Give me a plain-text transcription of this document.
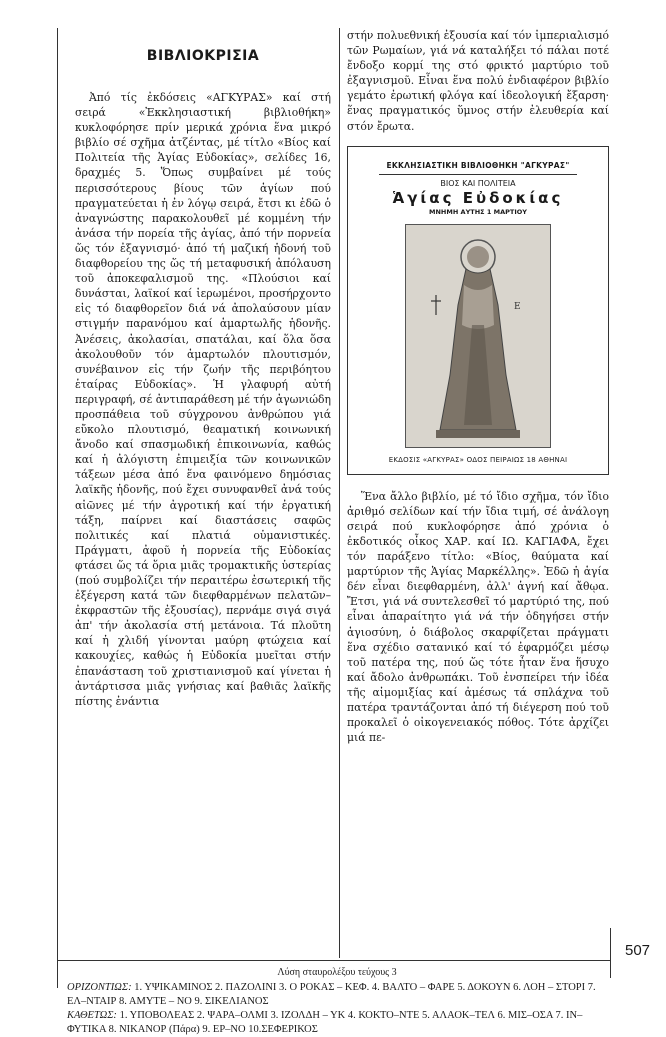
ΒΙΒΛΙΟΚΡΙΣΙΑ

Ἀπό τίς ἐκδόσεις «ΑΓΚΥΡΑΣ» καί στή σειρά «Ἐκκλησιαστική βιβλιοθήκη» κυκλοφόρησε πρίν μερικά χρόνια ἕνα μικρό βιβλίο σέ σχῆμα ἀτζέντας, μέ τίτλο «Βίος καί Πολιτεία τῆς Ἁγίας Εὐδοκίας», σελίδες 16, δραχμές 5. Ὅπως συμβαίνει μέ τούς περισσότερους βίους τῶν ἁγίων πού πραγματεύεται ἡ ἐν λόγῳ σειρά, ἔτσι κι ἐδῶ ὁ ἀναγνώστης παρακολουθεῖ μέ κομμένη τήν ἀνάσα τήν πορεία τῆς ἁγίας, ἀπό τήν πορνεία ὥς τόν ἐξαγνισμό· ἀπό τή μαζική ἡδονή τοῦ διαφθορείου της ὥς τή μεταφυσική ἀπόλαυση τοῦ ἀποκεφαλισμοῦ της. «Πλούσιοι καί δυνάσται, λαϊκοί καί ἱερωμένοι, προσήρχοντο εἰς τό διαφθορεῖον διά νά ἀπολαύσουν μίαν στιγμήν παρανόμου καί ἁμαρτωλῆς ἡδονῆς. Ἀνέσεις, ἀκολασίαι, σπατάλαι, καί ὅλα ὅσα ἀκολουθοῦν τόν ἁμαρτωλόν πλουτισμόν, συνέβαινον εἰς τήν ζωήν τῆς περιβόητου ἑταίρας Εὐδοκίας». Ἡ γλαφυρή αὐτή περιγραφή, σέ ἀντιπαράθεση μέ τήν ἀγωνιώδη προσπάθεια τοῦ σύγχρονου ἀνθρώπου γιά εὔκολο πλουτισμό, θεαματική κοινωνική ἄνοδο καί σπασμωδική ἐπικοινωνία, καθώς καί ἡ ἀλόγιστη ἐπιμειξία τῶν κοινωνικῶν τάξεων μέσα ἀπό ἕνα φαινόμενο δημόσιας λαϊκῆς ἡδονῆς, πού ἔχει συνυφανθεῖ ἀνά τούς αἰῶνες μέ τήν ἀγροτική καί τήν ἐργατική τάξη, παίρνει καί διαστάσεις σαφῶς πολιτικές καί πλατιά οὑμανιστικές. Πράγματι, ἀφοῦ ἡ πορνεία τῆς Εὐδοκίας φτάσει ὥς τά ὅρια μιᾶς τρομακτικῆς ὑστερίας (πού συμβολίζει τήν περαιτέρω ἐσωτερική τῆς ἐξέγερση κατά τῶν διεφθαρμένων πελατῶν–ἐκφραστῶν τῆς ἐξουσίας), περνάμε σιγά σιγά ἀπ' τήν ἀκολασία στή μετάνοια. Τά πλοῦτη καί ἡ χλιδή γίνονται μαύρη φτώχεια καί κακουχίες, καθώς ἡ Εὐδοκία μυεῖται στήν ἐπανάσταση τοῦ χριστιανισμοῦ καί γίνεται ἡ ἀντάρτισσα μιᾶς γνήσιας καί βαθιᾶς λαϊκῆς πίστης ἐνάντια

στήν πολυεθνική ἐξουσία καί τόν ἰμπεριαλισμό τῶν Ρωμαίων, γιά νά καταλήξει τό πάλαι ποτέ ἔνδοξο κορμί της στό φρικτό μαρτύριο τοῦ ἐξαγνισμοῦ. Εἶναι ἕνα πολύ ἐνδιαφέρον βιβλίο γεμάτο ἐρωτική φλόγα καί ἰδεολογική ἔξαρση· ἕνας πραγματικός ὕμνος στήν ἐλευθερία καί στόν ἔρωτα.

ΕΚΚΛΗΣΙΑΣΤΙΚΗ ΒΙΒΛΙΟΘΗΚΗ "ΑΓΚΥΡΑΣ"
ΒΙΟΣ ΚΑΙ ΠΟΛΙΤΕΙΑ
Ἁγίας Εὐδοκίας
ΜΝΗΜΗ ΑΥΤΗΣ 1 ΜΑΡΤΙΟΥ
Ε
ΕΚΔΟΣΙΣ «ΑΓΚΥΡΑΣ» ΟΔΟΣ ΠΕΙΡΑΙΩΣ 18 ΑΘΗΝΑΙ

Ἕνα ἄλλο βιβλίο, μέ τό ἴδιο σχῆμα, τόν ἴδιο ἀριθμό σελίδων καί τήν ἴδια τιμή, σέ ἀνάλογη σειρά πού κυκλοφόρησε ἀπό χρόνια ὁ ἐκδοτικός οἶκος ΧΑΡ. καί ΙΩ. ΚΑΓΙΑΦΑ, ἔχει τόν παράξενο τίτλο: «Βίος, θαύματα καί μαρτύριον τῆς Ἁγίας Μαρκέλλης». Ἐδῶ ἡ ἁγία δέν εἶναι διεφθαρμένη, ἀλλ' ἁγνή καί ἄθῳα. Ἔτσι, γιά νά συντελεσθεῖ τό μαρτύριό της, πού εἶναι ἀπαραίτητο γιά νά τήν ὁδηγήσει στήν ἁγιοσύνη, ὁ διάβολος σκαρφίζεται πράγματι ἕνα σχέδιο σατανικό καί τό ἐφαρμόζει μέσῳ τοῦ πατέρα της, πού ὥς τότε ἦταν ἕνα ἥσυχο καί ἄδολο ἀνθρωπάκι. Τοῦ ἐνσπείρει τήν ἰδέα τῆς αἱμομιξίας καί ἀμέσως τά σπλάχνα τοῦ πατέρα τραντάζονται ἀπό τή διέγερση πού τοῦ προκαλεῖ ὁ οἰκογενειακός πόθος. Τότε ἀρχίζει μιά πε-

Λύση σταυρολέξου τεύχους 3
ΟΡΙΖΟΝΤΙΩΣ: 1. ΥΨΙΚΑΜΙΝΟΣ 2. ΠΑΖΟΛΙΝΙ 3. Ο ΡΟΚΑΣ – ΚΕΦ. 4. ΒΑΛΤΟ – ΦΑΡΕ 5. ΔΟΚΟΥΝ 6. ΛΟΗ – ΣΤΟΡΙ 7. ΕΛ–ΝΤΑΙΡ 8. ΑΜΥΤΕ – ΝΟ 9. ΣΙΚΕΛΙΑΝΟΣ
ΚΑΘΕΤΩΣ: 1. ΥΠΟΒΟΛΕΑΣ 2. ΨΑΡΑ–ΟΛΜΙ 3. ΙΖΟΛΔΗ – ΥΚ 4. ΚΟΚΤΟ–ΝΤΕ 5. ΑΛΑΟΚ–ΤΕΛ 6. ΜΙΣ–ΟΣΑ 7. ΙΝ–ΦΥΤΙΚΑ 8. ΝΙΚΑΝΟΡ (Πάρα) 9. ΕΡ–ΝΟ 10.ΣΕΦΕΡΙΚΟΣ
507
